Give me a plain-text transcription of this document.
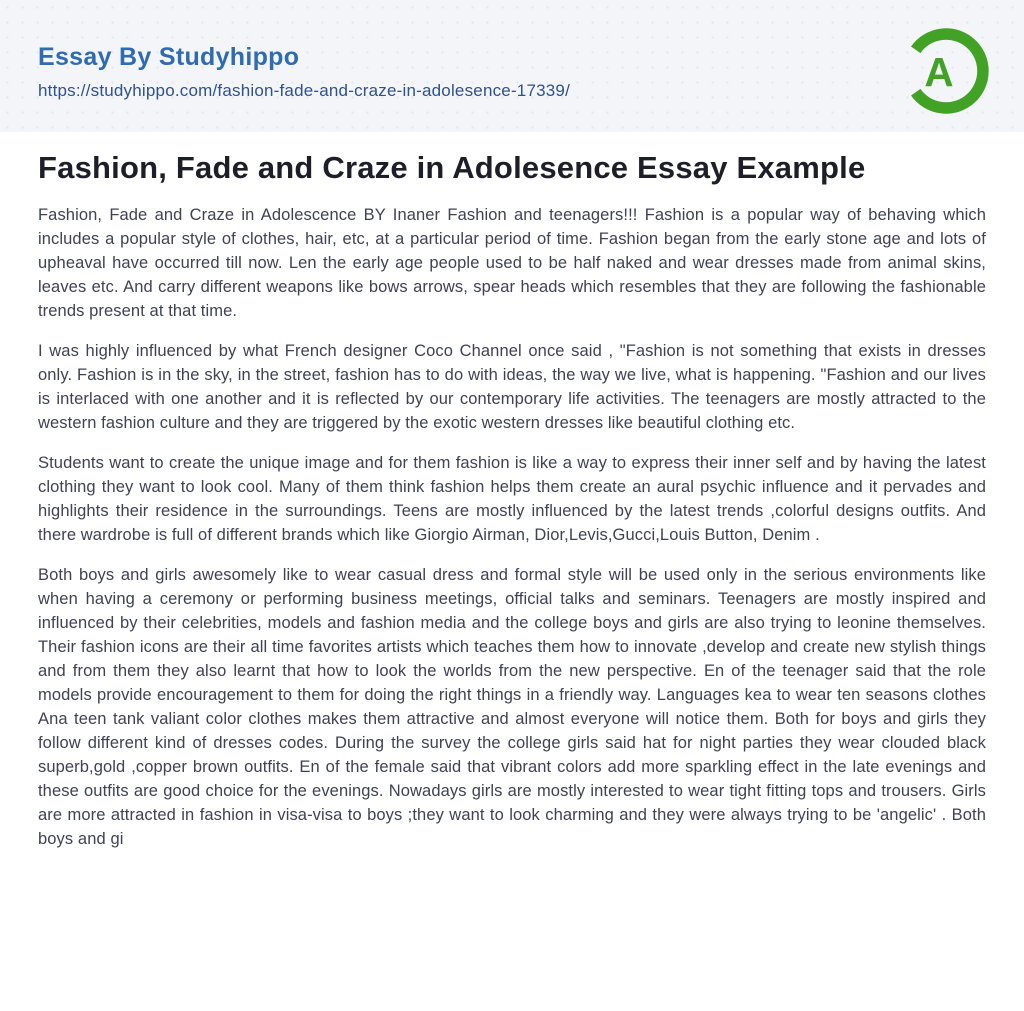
Essay By Studyhippo
https://studyhippo.com/fashion-fade-and-craze-in-adolesence-17339/	A
Fashion, Fade and Craze in Adolesence Essay Example

Fashion, Fade and Craze in Adolescence BY Inaner Fashion and teenagers!!! Fashion is a popular way of behaving which includes a popular style of clothes, hair, etc, at a particular period of time. Fashion began from the early stone age and lots of upheaval have occurred till now. Len the early age people used to be half naked and wear dresses made from animal skins, leaves etc. And carry different weapons like bows arrows, spear heads which resembles that they are following the fashionable trends present at that time.

I was highly influenced by what French designer Coco Channel once said , "Fashion is not something that exists in dresses only. Fashion is in the sky, in the street, fashion has to do with ideas, the way we live, what is happening. "Fashion and our lives is interlaced with one another and it is reflected by our contemporary life activities. The teenagers are mostly attracted to the western fashion culture and they are triggered by the exotic western dresses like beautiful clothing etc.

Students want to create the unique image and for them fashion is like a way to express their inner self and by having the latest clothing they want to look cool. Many of them think fashion helps them create an aural psychic influence and it pervades and highlights their residence in the surroundings. Teens are mostly influenced by the latest trends ,colorful designs outfits. And there wardrobe is full of different brands which like Giorgio Airman, Dior,Levis,Gucci,Louis Button, Denim .

Both boys and girls awesomely like to wear casual dress and formal style will be used only in the serious environments like when having a ceremony or performing business meetings, official talks and seminars. Teenagers are mostly inspired and influenced by their celebrities, models and fashion media and the college boys and girls are also trying to leonine themselves. Their fashion icons are their all time favorites artists which teaches them how to innovate ,develop and create new stylish things and from them they also learnt that how to look the worlds from the new perspective. En of the teenager said that the role models provide encouragement to them for doing the right things in a friendly way. Languages kea to wear ten seasons clothes Ana teen tank valiant color clothes makes them attractive and almost everyone will notice them. Both for boys and girls they follow different kind of dresses codes. During the survey the college girls said hat for night parties they wear clouded black superb,gold ,copper brown outfits. En of the female said that vibrant colors add more sparkling effect in the late evenings and these outfits are good choice for the evenings. Nowadays girls are mostly interested to wear tight fitting tops and trousers. Girls are more attracted in fashion in visa-visa to boys ;they want to look charming and they were always trying to be 'angelic' . Both boys and gi
